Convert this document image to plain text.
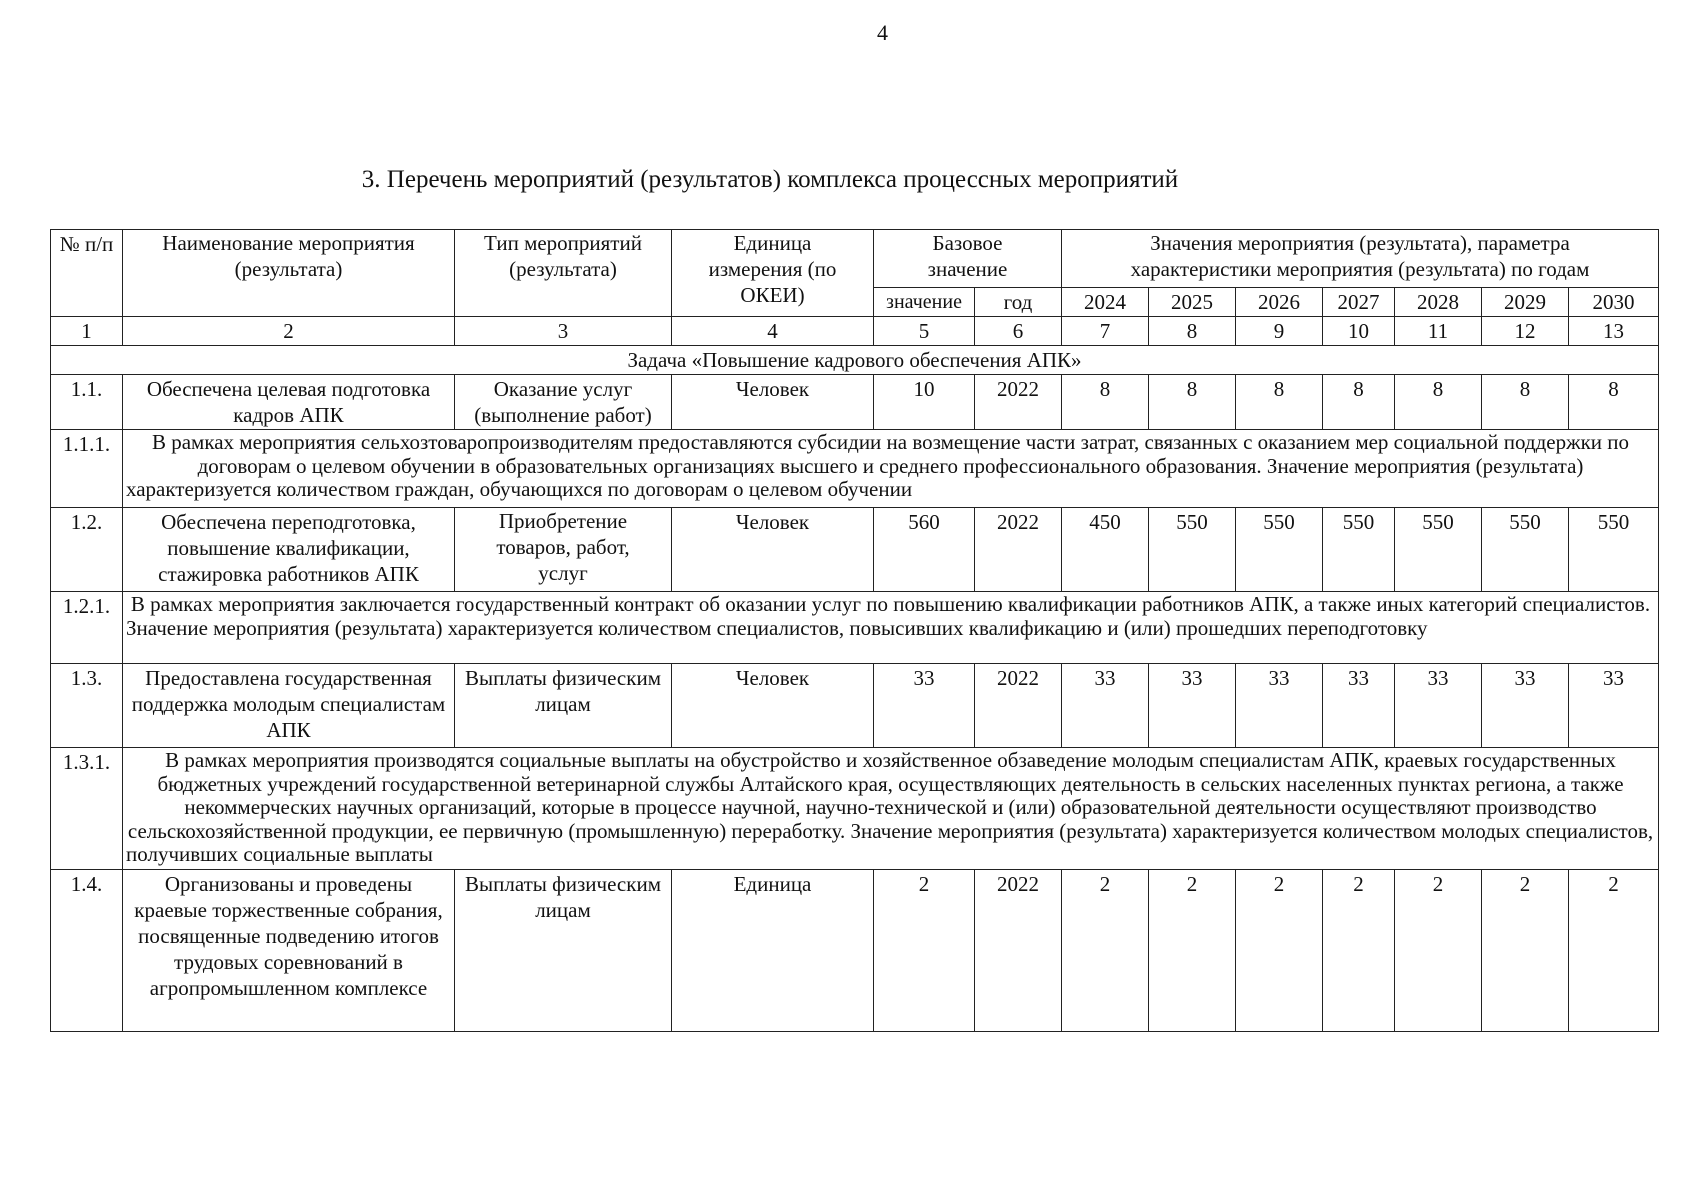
4
3. Перечень мероприятий (результатов) комплекса процессных мероприятий
№ п/п	Наименование мероприятия (результата)	Тип мероприятий (результата)	Единица измерения (по ОКЕИ)	Базовое значение		Значения мероприятия (результата), параметра характеристики мероприятия (результата) по годам						
				значение	год	2024	2025	2026	2027	2028	2029	2030
1	2	3	4	5	6	7	8	9	10	11	12	13
Задача «Повышение кадрового обеспечения АПК»												
1.1.	Обеспечена целевая подготовка кадров АПК	Оказание услуг (выполнение работ)	Человек	10	2022	8	8	8	8	8	8	8
1.1.1.	В рамках мероприятия сельхозтоваропроизводителям предоставляются субсидии на возмещение части затрат, связанных с оказанием мер социальной поддержки по договорам о целевом обучении в образовательных организациях высшего и среднего профессионального образования. Значение мероприятия (результата) характеризуется количеством граждан, обучающихся по договорам о целевом обучении											
1.2.	Обеспечена переподготовка, повышение квалификации, стажировка работников АПК	Приобретение товаров, работ, услуг	Человек	560	2022	450	550	550	550	550	550	550
1.2.1.	В рамках мероприятия заключается государственный контракт об оказании услуг по повышению квалификации работников АПК, а также иных категорий специалистов. Значение мероприятия (результата) характеризуется количеством специалистов, повысивших квалификацию и (или) прошедших переподготовку											
1.3.	Предоставлена государственная поддержка молодым специалистам АПК	Выплаты физическим лицам	Человек	33	2022	33	33	33	33	33	33	33
1.3.1.	В рамках мероприятия производятся социальные выплаты на обустройство и хозяйственное обзаведение молодым специалистам АПК, краевых государственных бюджетных учреждений государственной ветеринарной службы Алтайского края, осуществляющих деятельность в сельских населенных пунктах региона, а также некоммерческих научных организаций, которые в процессе научной, научно-технической и (или) образовательной деятельности осуществляют производство сельскохозяйственной продукции, ее первичную (промышленную) переработку. Значение мероприятия (результата) характеризуется количеством молодых специалистов, получивших социальные выплаты											
1.4.	Организованы и проведены краевые торжественные собрания, посвященные подведению итогов трудовых соревнований в агропромышленном комплексе	Выплаты физическим лицам	Единица	2	2022	2	2	2	2	2	2	2
